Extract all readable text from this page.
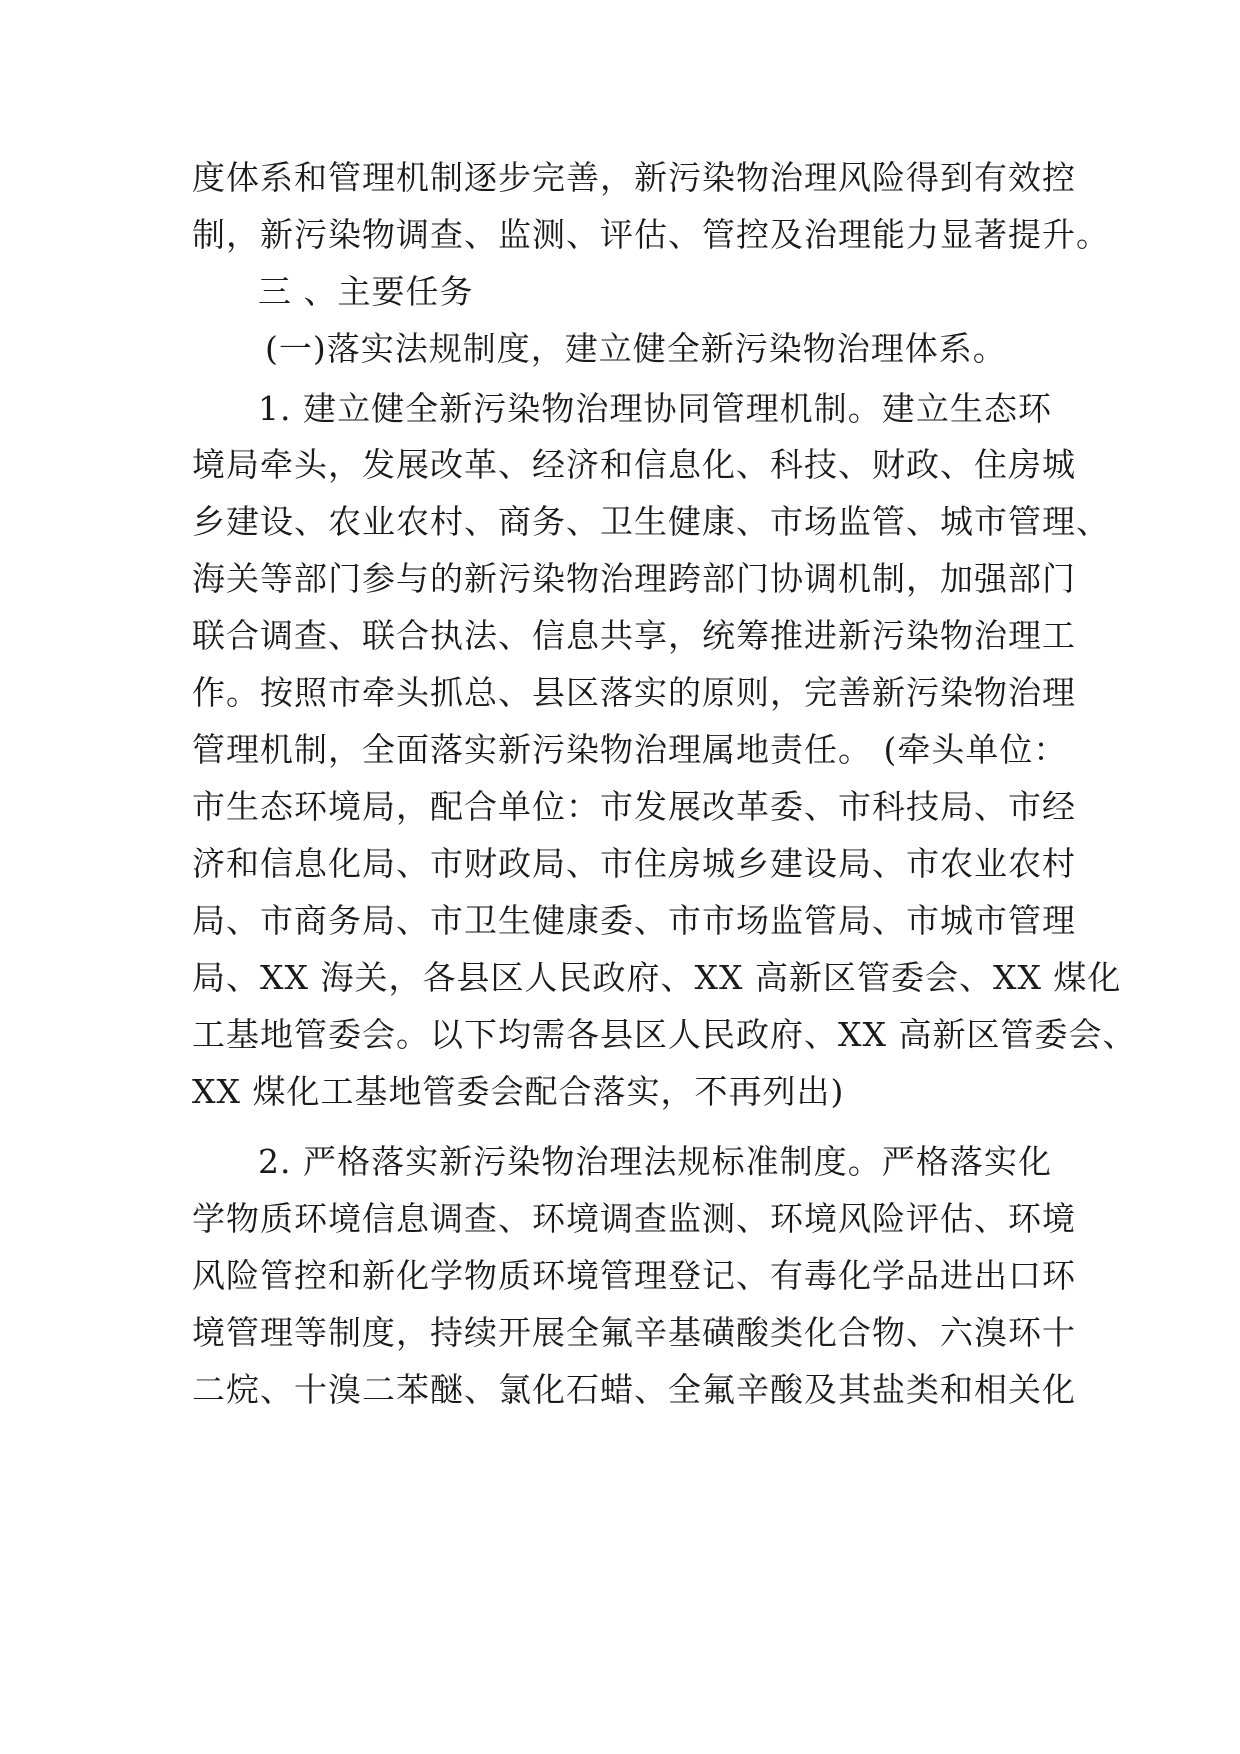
度体系和管理机制逐步完善，新污染物治理风险得到有效控
制，新污染物调查、监测、评估、管控及治理能力显著提升。
三 、主要任务
(一)落实法规制度，建立健全新污染物治理体系。
1. 建立健全新污染物治理协同管理机制。建立生态环
境局牵头，发展改革、经济和信息化、科技、财政、住房城
乡建设、农业农村、商务、卫生健康、市场监管、城市管理、
海关等部门参与的新污染物治理跨部门协调机制，加强部门
联合调查、联合执法、信息共享，统筹推进新污染物治理工
作。按照市牵头抓总、县区落实的原则，完善新污染物治理
管理机制，全面落实新污染物治理属地责任。 (牵头单位：
市生态环境局，配合单位：市发展改革委、市科技局、市经
济和信息化局、市财政局、市住房城乡建设局、市农业农村
局、市商务局、市卫生健康委、市市场监管局、市城市管理
局、XX 海关，各县区人民政府、XX 高新区管委会、XX 煤化
工基地管委会。以下均需各县区人民政府、XX 高新区管委会、
XX 煤化工基地管委会配合落实，不再列出)
2. 严格落实新污染物治理法规标准制度。严格落实化
学物质环境信息调查、环境调查监测、环境风险评估、环境
风险管控和新化学物质环境管理登记、有毒化学品进出口环
境管理等制度，持续开展全氟辛基磺酸类化合物、六溴环十
二烷、十溴二苯醚、氯化石蜡、全氟辛酸及其盐类和相关化
